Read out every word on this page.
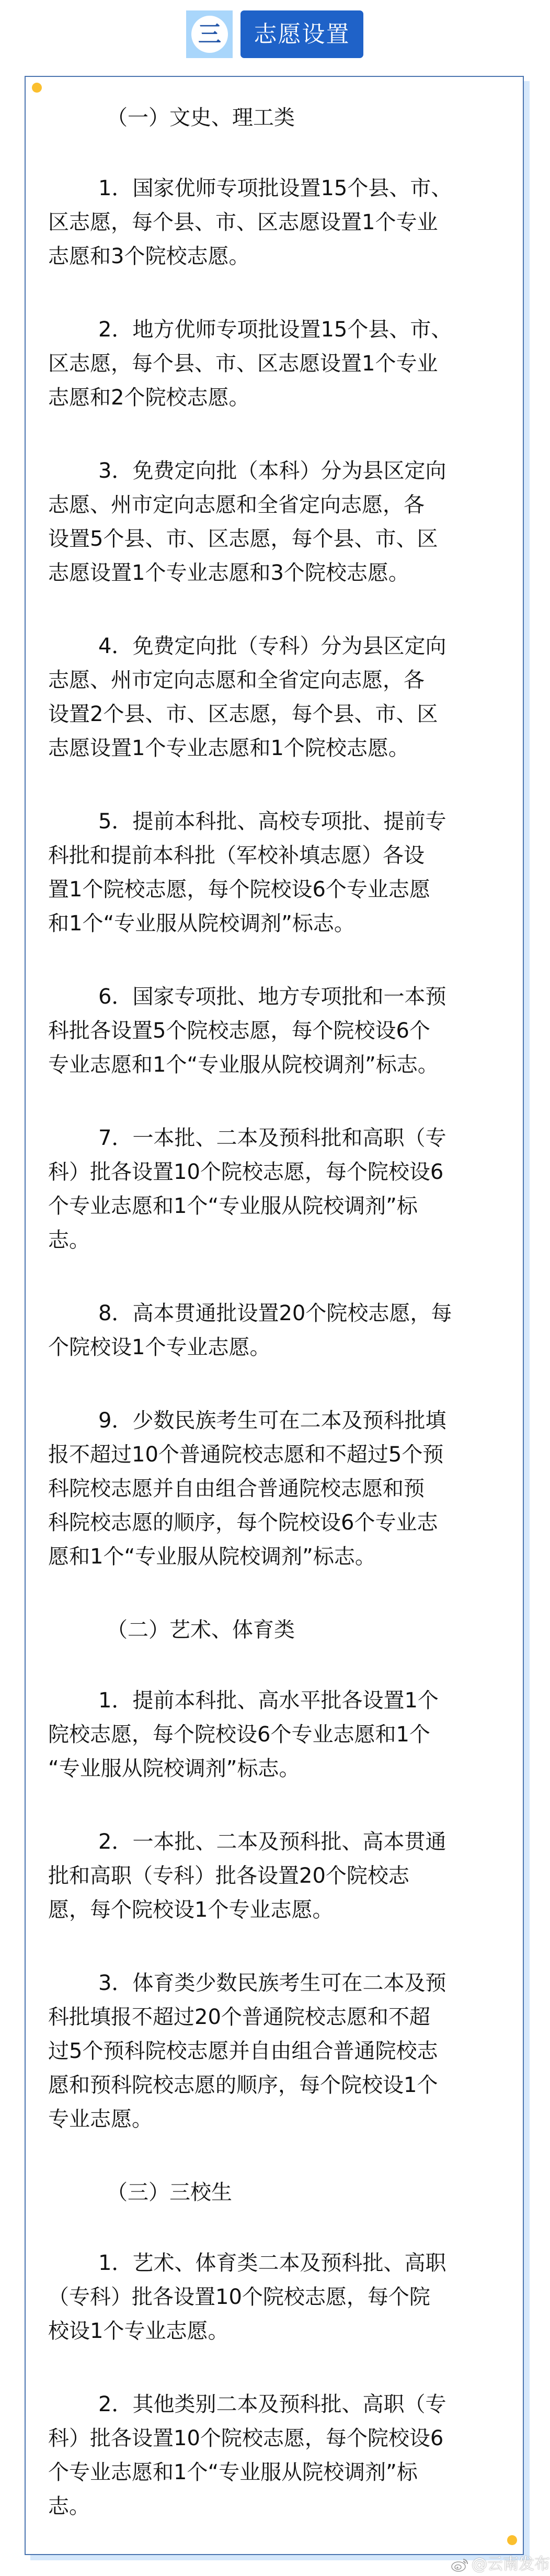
三	志愿设置
（一）文史、理工类
1．国家优师专项批设置15个县、市、
区志愿，每个县、市、区志愿设置1个专业
志愿和3个院校志愿。
2．地方优师专项批设置15个县、市、
区志愿，每个县、市、区志愿设置1个专业
志愿和2个院校志愿。
3．免费定向批（本科）分为县区定向
志愿、州市定向志愿和全省定向志愿，各
设置5个县、市、区志愿，每个县、市、区
志愿设置1个专业志愿和3个院校志愿。
4．免费定向批（专科）分为县区定向
志愿、州市定向志愿和全省定向志愿，各
设置2个县、市、区志愿，每个县、市、区
志愿设置1个专业志愿和1个院校志愿。
5．提前本科批、高校专项批、提前专
科批和提前本科批（军校补填志愿）各设
置1个院校志愿，每个院校设6个专业志愿
和1个“专业服从院校调剂”标志。
6．国家专项批、地方专项批和一本预
科批各设置5个院校志愿，每个院校设6个
专业志愿和1个“专业服从院校调剂”标志。
7．一本批、二本及预科批和高职（专
科）批各设置10个院校志愿，每个院校设6
个专业志愿和1个“专业服从院校调剂”标
志。
8．高本贯通批设置20个院校志愿，每
个院校设1个专业志愿。
9．少数民族考生可在二本及预科批填
报不超过10个普通院校志愿和不超过5个预
科院校志愿并自由组合普通院校志愿和预
科院校志愿的顺序，每个院校设6个专业志
愿和1个“专业服从院校调剂”标志。
（二）艺术、体育类
1．提前本科批、高水平批各设置1个
院校志愿，每个院校设6个专业志愿和1个
“专业服从院校调剂”标志。
2．一本批、二本及预科批、高本贯通
批和高职（专科）批各设置20个院校志
愿，每个院校设1个专业志愿。
3．体育类少数民族考生可在二本及预
科批填报不超过20个普通院校志愿和不超
过5个预科院校志愿并自由组合普通院校志
愿和预科院校志愿的顺序，每个院校设1个
专业志愿。
（三）三校生
1．艺术、体育类二本及预科批、高职
（专科）批各设置10个院校志愿，每个院
校设1个专业志愿。
2．其他类别二本及预科批、高职（专
科）批各设置10个院校志愿，每个院校设6
个专业志愿和1个“专业服从院校调剂”标
志。
@云南发布
